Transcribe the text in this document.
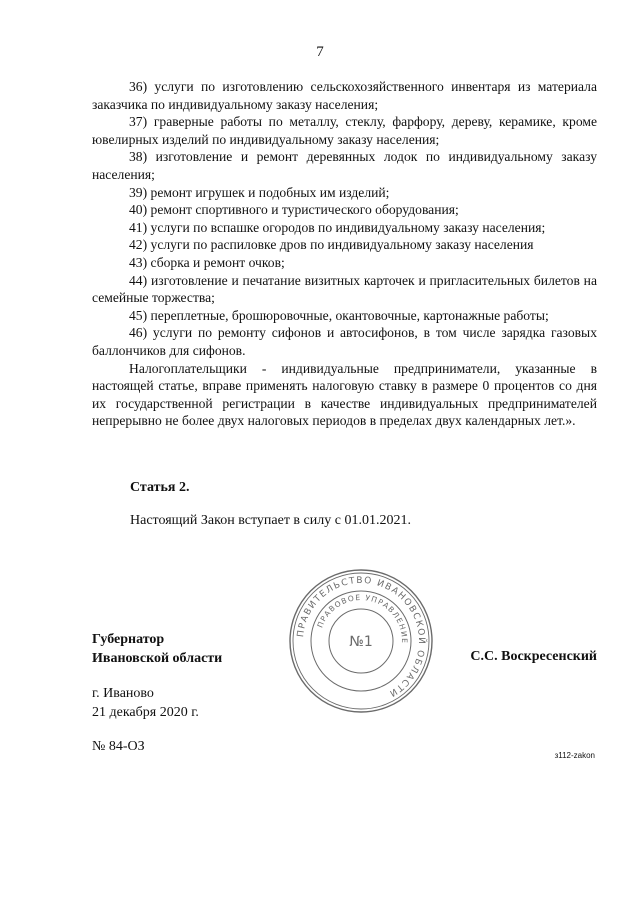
7

36) услуги по изготовлению сельскохозяйственного инвентаря из материала заказчика по индивидуальному заказу населения;

37) граверные работы по металлу, стеклу, фарфору, дереву, керамике, кроме ювелирных изделий по индивидуальному заказу населения;

38) изготовление и ремонт деревянных лодок по индивидуальному заказу населения;

39) ремонт игрушек и подобных им изделий;

40) ремонт спортивного и туристического оборудования;

41) услуги по вспашке огородов по индивидуальному заказу населения;

42) услуги по распиловке дров по индивидуальному заказу населения

43) сборка и ремонт очков;

44) изготовление и печатание визитных карточек и пригласительных билетов на семейные торжества;

45) переплетные, брошюровочные, окантовочные, картонажные работы;

46) услуги по ремонту сифонов и автосифонов, в том числе зарядка газовых баллончиков для сифонов.

Налогоплательщики - индивидуальные предприниматели, указанные в настоящей статье, вправе применять налоговую ставку в размере 0 процентов со дня их государственной регистрации в качестве индивидуальных предпринимателей непрерывно не более двух налоговых периодов в пределах двух календарных лет.».

Статья 2.
Настоящий Закон вступает в силу с 01.01.2021.
Губернатор
Ивановской области
ПРАВИТЕЛЬСТВО ИВАНОВСКОЙ ОБЛАСТИ
ПРАВОВОЕ УПРАВЛЕНИЕ
№1
С.С. Воскресенский
г. Иваново
21 декабря 2020 г.
№ 84-ОЗ
з112-zakon
